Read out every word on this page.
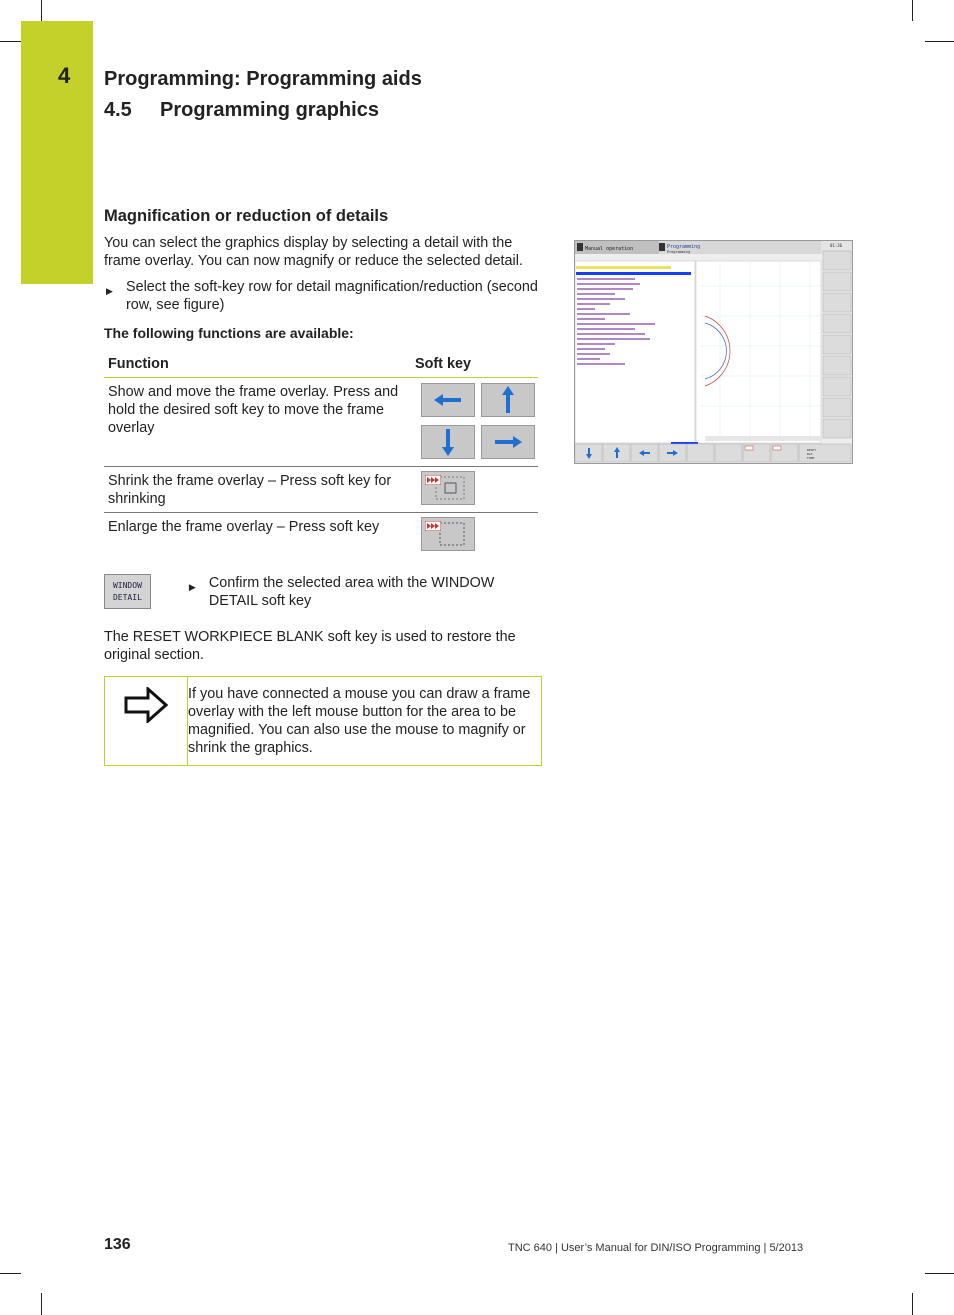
4 Programming: Programming aids
4.5 Programming graphics
Magnification or reduction of details

You can select the graphics display by selecting a detail with the frame overlay. You can now magnify or reduce the selected detail.

▶ Select the soft-key row for detail magnification/reduction (second row, see figure)
The following functions are available:
Function	Soft key
Show and move the frame overlay. Press and hold the desired soft key to move the frame overlay	

Shrink the frame overlay – Press soft key for shrinking	

Enlarge the frame overlay – Press soft key	
WINDOW
DETAIL
▶ Confirm the selected area with the WINDOW DETAIL soft key

The RESET WORKPIECE BLANK soft key is used to restore the original section.

If you have connected a mouse you can draw a frame overlay with the left mouse button for the area to be magnified. You can also use the mouse to magnify or shrink the graphics.
Manual operation	Programming
Programming
01:36
RESET
BLK
FORM
136	TNC 640 | User’s Manual for DIN/ISO Programming | 5/2013
